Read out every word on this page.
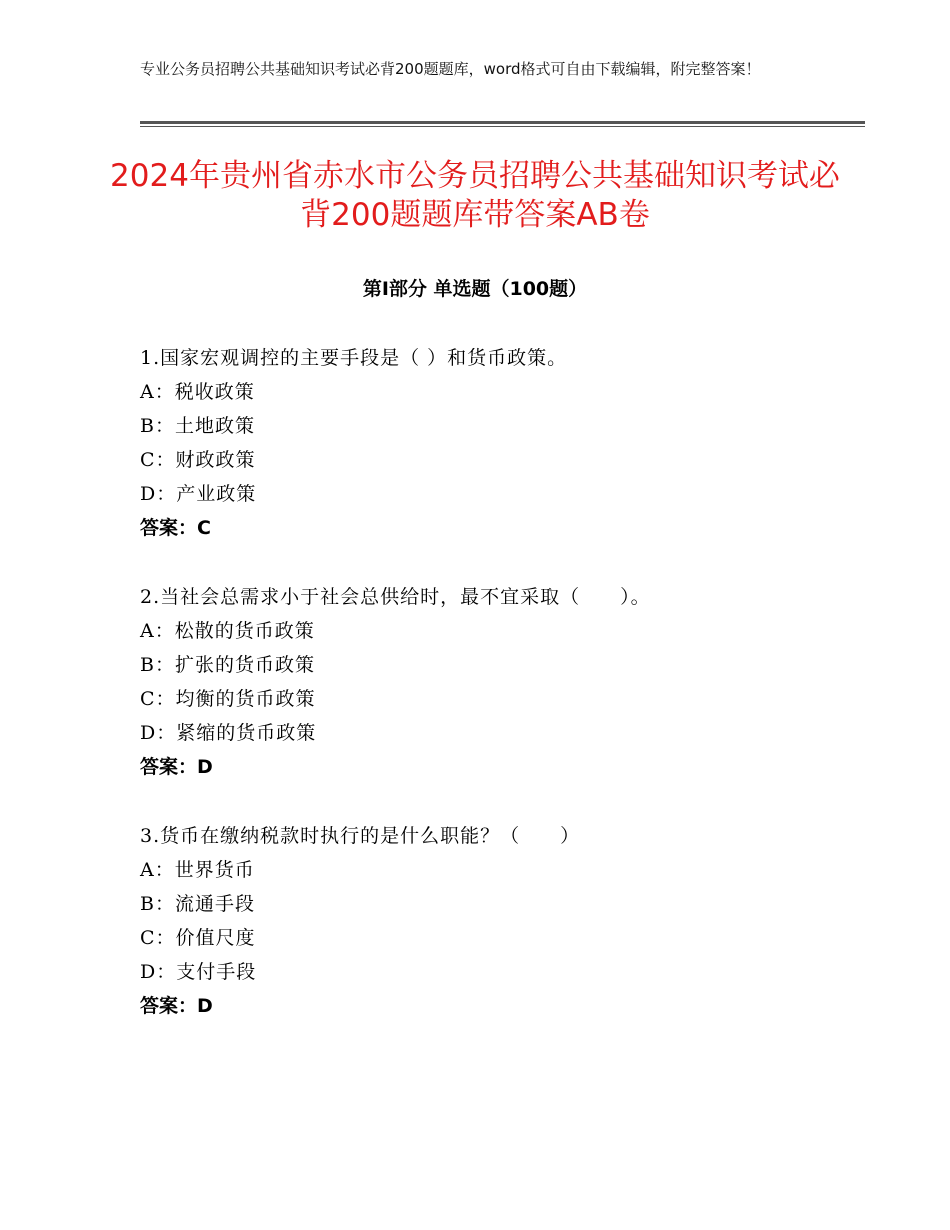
专业公务员招聘公共基础知识考试必背200题题库，word格式可自由下载编辑，附完整答案！
2024年贵州省赤水市公务员招聘公共基础知识考试必背200题题库带答案AB卷
第Ⅰ部分 单选题（100题）
1.国家宏观调控的主要手段是（ ）和货币政策。
A：税收政策
B：土地政策
C：财政政策
D：产业政策
答案：C
2.当社会总需求小于社会总供给时，最不宜采取（　　）。
A：松散的货币政策
B：扩张的货币政策
C：均衡的货币政策
D：紧缩的货币政策
答案：D
3.货币在缴纳税款时执行的是什么职能？（　　）
A：世界货币
B：流通手段
C：价值尺度
D：支付手段
答案：D
